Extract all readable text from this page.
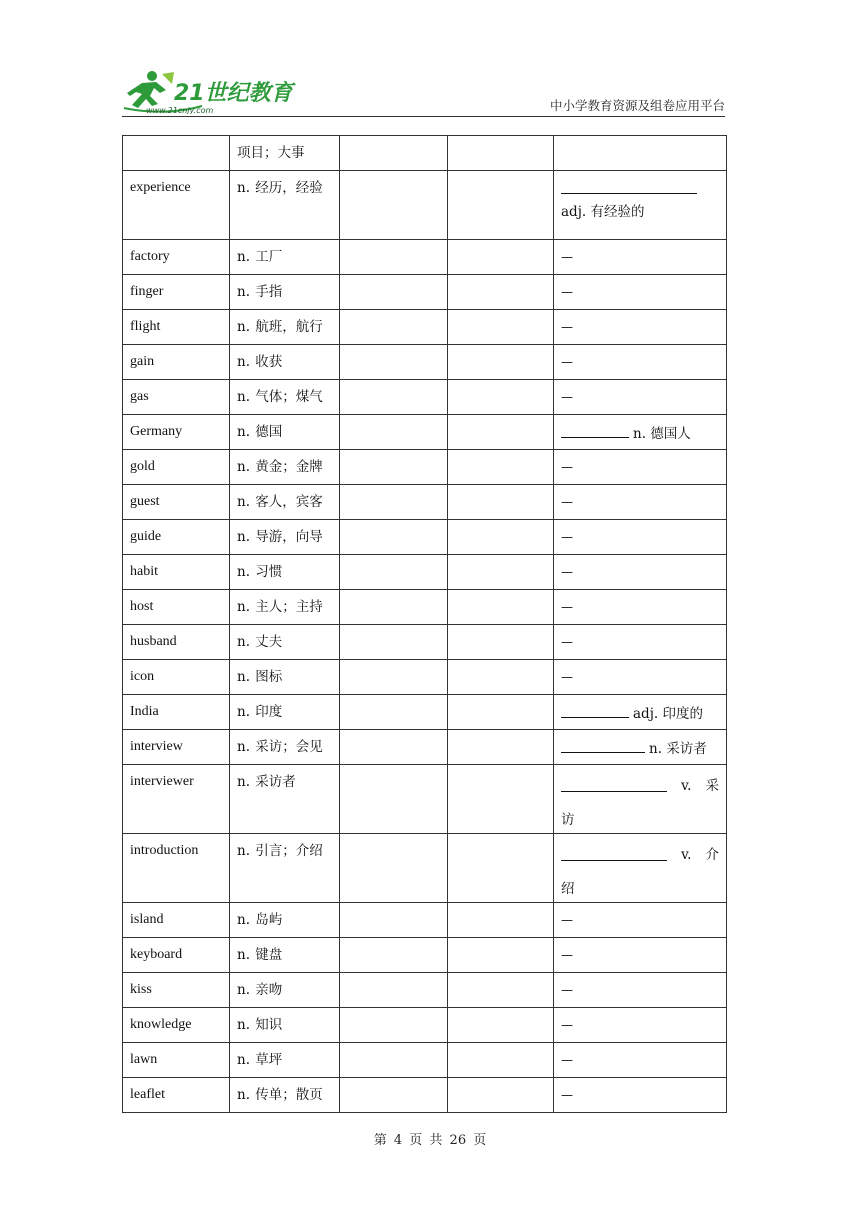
21世纪教育
www.21cnjy.com	中小学教育资源及组卷应用平台
	项目；大事			
experience	n. 经历，经验			adj. 有经验的

factory	n. 工厂			—
finger	n. 手指			—
flight	n. 航班，航行			—
gain	n. 收获			—
gas	n. 气体；煤气			—
Germany	n. 德国			n. 德国人
gold	n. 黄金；金牌			—
guest	n. 客人，宾客			—
guide	n. 导游，向导			—
habit	n. 习惯			—
host	n. 主人；主持			—
husband	n. 丈夫			—
icon	n. 图标			—
India	n. 印度			adj. 印度的
interview	n. 采访；会见			n. 采访者
interviewer	n. 采访者			v. 采
访

introduction	n. 引言；介绍			v. 介
绍

island	n. 岛屿			—
keyboard	n. 键盘			—
kiss	n. 亲吻			—
knowledge	n. 知识			—
lawn	n. 草坪			—
leaflet	n. 传单；散页			—
第 4 页 共 26 页
